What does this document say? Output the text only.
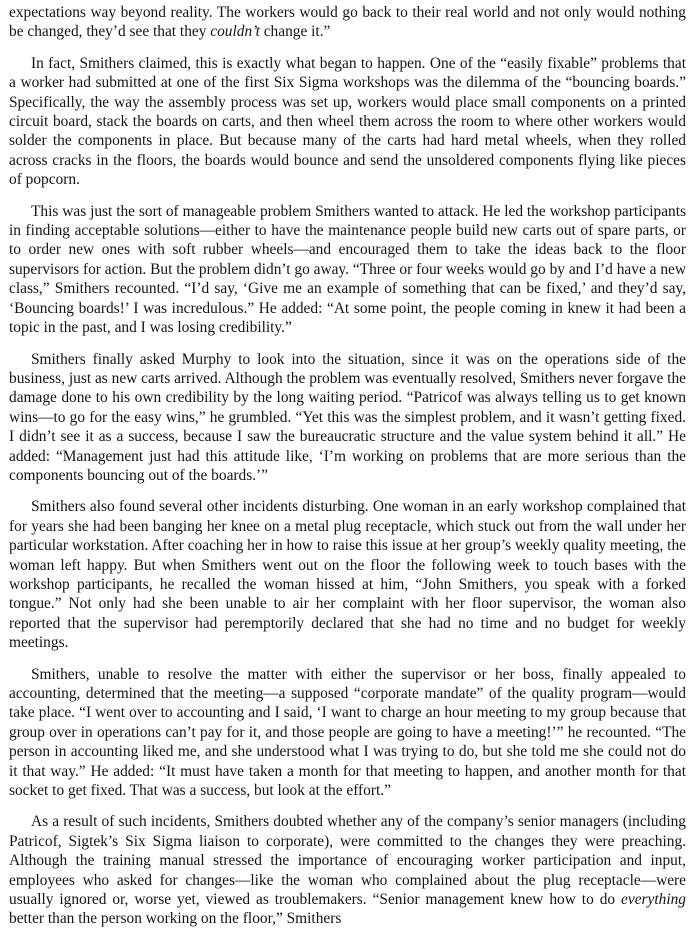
expectations way beyond reality. The workers would go back to their real world and not only would nothing be changed, they’d see that they couldn’t change it.”

In fact, Smithers claimed, this is exactly what began to happen. One of the “easily fixable” problems that a worker had submitted at one of the first Six Sigma workshops was the dilemma of the “bouncing boards.” Specifically, the way the assembly process was set up, workers would place small components on a printed circuit board, stack the boards on carts, and then wheel them across the room to where other workers would solder the components in place. But because many of the carts had hard metal wheels, when they rolled across cracks in the floors, the boards would bounce and send the unsoldered components flying like pieces of popcorn.

This was just the sort of manageable problem Smithers wanted to attack. He led the workshop participants in finding acceptable solutions—either to have the maintenance people build new carts out of spare parts, or to order new ones with soft rubber wheels—and encouraged them to take the ideas back to the floor supervisors for action. But the problem didn’t go away. “Three or four weeks would go by and I’d have a new class,” Smithers recounted. “I’d say, ‘Give me an example of something that can be fixed,’ and they’d say, ‘Bouncing boards!’ I was incredulous.” He added: “At some point, the people coming in knew it had been a topic in the past, and I was losing credibility.”

Smithers finally asked Murphy to look into the situation, since it was on the operations side of the business, just as new carts arrived. Although the problem was eventually resolved, Smithers never forgave the damage done to his own credibility by the long waiting period. “Patricof was always telling us to get known wins—to go for the easy wins,” he grumbled. “Yet this was the simplest problem, and it wasn’t getting fixed. I didn’t see it as a success, because I saw the bureaucratic structure and the value system behind it all.” He added: “Management just had this attitude like, ‘I’m working on problems that are more serious than the components bouncing out of the boards.’”

Smithers also found several other incidents disturbing. One woman in an early workshop complained that for years she had been banging her knee on a metal plug receptacle, which stuck out from the wall under her particular workstation. After coaching her in how to raise this issue at her group’s weekly quality meeting, the woman left happy. But when Smithers went out on the floor the following week to touch bases with the workshop participants, he recalled the woman hissed at him, “John Smithers, you speak with a forked tongue.” Not only had she been unable to air her complaint with her floor supervisor, the woman also reported that the supervisor had peremptorily declared that she had no time and no budget for weekly meetings.

Smithers, unable to resolve the matter with either the supervisor or her boss, finally appealed to accounting, determined that the meeting—a supposed “corporate mandate” of the quality program—would take place. “I went over to accounting and I said, ‘I want to charge an hour meeting to my group because that group over in operations can’t pay for it, and those people are going to have a meeting!’” he recounted. “The person in accounting liked me, and she understood what I was trying to do, but she told me she could not do it that way.” He added: “It must have taken a month for that meeting to happen, and another month for that socket to get fixed. That was a success, but look at the effort.”

As a result of such incidents, Smithers doubted whether any of the company’s senior managers (including Patricof, Sigtek’s Six Sigma liaison to corporate), were committed to the changes they were preaching. Although the training manual stressed the importance of encouraging worker participation and input, employees who asked for changes—like the woman who complained about the plug receptacle—were usually ignored or, worse yet, viewed as troublemakers. “Senior management knew how to do everything better than the person working on the floor,” Smithers
